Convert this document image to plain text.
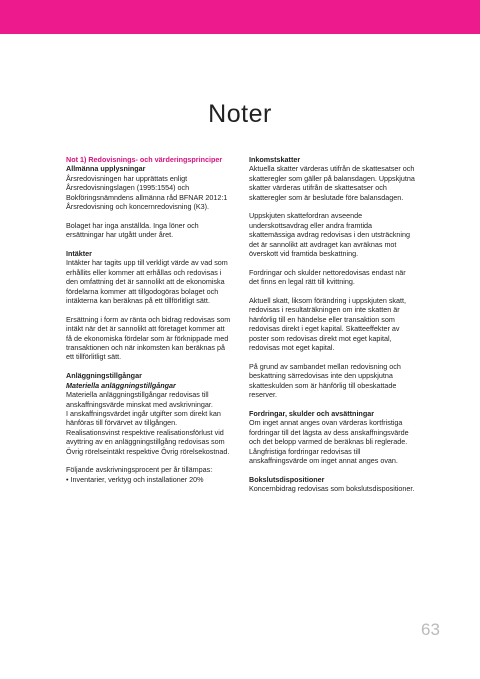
Noter
Not 1) Redovisnings- och värderingsprinciper
Allmänna upplysningar

Årsredovisningen har upprättats enligt Årsredovisningslagen (1995:1554) och Bokföringsnämndens allmänna råd BFNAR 2012:1 Årsredovisning och koncernredovisning (K3).

Bolaget har inga anställda. Inga löner och ersättningar har utgått under året.

Intäkter

Intäkter har tagits upp till verkligt värde av vad som erhållits eller kommer att erhållas och redovisas i den omfattning det är sannolikt att de ekonomiska fördelarna kommer att tillgodogöras bolaget och intäkterna kan beräknas på ett tillförlitligt sätt.

Ersättning i form av ränta och bidrag redovisas som intäkt när det är sannolikt att företaget kommer att få de ekonomiska fördelar som är förknippade med transaktionen och när inkomsten kan beräknas på ett tillförlitligt sätt.

Anläggningstillgångar
Materiella anläggningstillgångar

Materiella anläggningstillgångar redovisas till anskaffningsvärde minskat med avskrivningar.

I anskaffningsvärdet ingår utgifter som direkt kan hänföras till förvärvet av tillgången.

Realisationsvinst respektive realisationsförlust vid avyttring av en anläggningstillgång redovisas som Övrig rörelseintäkt respektive Övrig rörelsekostnad.

Följande avskrivningsprocent per år tillämpas:

• Inventarier, verktyg och installationer 20%

Inkomstskatter

Aktuella skatter värderas utifrån de skattesatser och skatteregler som gäller på balansdagen. Uppskjutna skatter värderas utifrån de skattesatser och skatteregler som är beslutade före balansdagen.

Uppskjuten skattefordran avseende underskottsavdrag eller andra framtida skattemässiga avdrag redovisas i den utsträckning det är sannolikt att avdraget kan avräknas mot överskott vid framtida beskattning.

Fordringar och skulder nettoredovisas endast när det finns en legal rätt till kvittning.

Aktuell skatt, liksom förändring i uppskjuten skatt, redovisas i resultaträkningen om inte skatten är hänförlig till en händelse eller transaktion som redovisas direkt i eget kapital. Skatteeffekter av poster som redovisas direkt mot eget kapital, redovisas mot eget kapital.

På grund av sambandet mellan redovisning och beskattning särredovisas inte den uppskjutna skatteskulden som är hänförlig till obeskattade reserver.

Fordringar, skulder och avsättningar

Om inget annat anges ovan värderas kortfristiga fordringar till det lägsta av dess anskaffningsvärde och det belopp varmed de beräknas bli reglerade. Långfristiga fordringar redovisas till anskaffningsvärde om inget annat anges ovan.

Bokslutsdispositioner

Koncernbidrag redovisas som bokslutsdispositioner.

63
